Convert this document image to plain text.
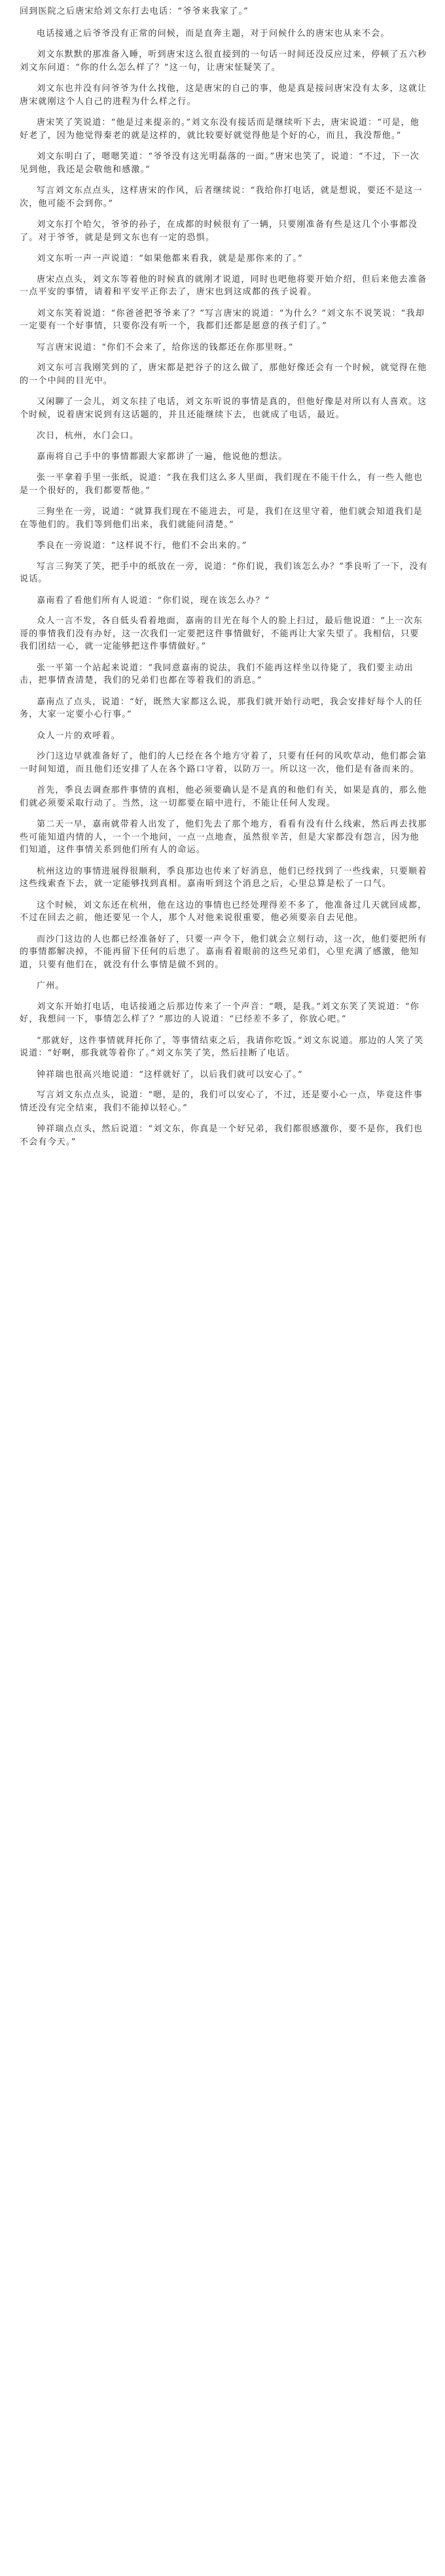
回到医院之后唐宋给刘文东打去电话：“爷爷来我家了。”

电话接通之后爷爷没有正常的问候，而是直奔主题，对于问候什么的唐宋也从来不会。

刘文东默默的那准备入睡，听到唐宋这么很直接到的一句话一时间还没反应过来，停顿了五六秒刘文东问道：“你的什么怎么样了？”这一句，让唐宋怔疑笑了。

刘文东也并没有问爷爷为什么找他，这是唐宋的自己的事，他是真是接问唐宋没有太多，这就让唐宋就刚这个人自己的进程为什么样之行。

唐宋笑了笑说道：“他是过来提亲的。”刘文东没有接话而是继续听下去，唐宋说道：“可是，他好老了，因为他觉得秦老的就是这样的，就比较要好就觉得他是个好的心，而且，我没帮他。”

刘文东明白了，嗯嗯笑道：“爷爷没有这光明磊落的一面。”唐宋也笑了，说道：“不过，下一次见到他，我还是会敬他和感激。”

写言刘文东点点头，这样唐宋的作风，后者继续说：“我给你打电话，就是想说，要还不是这一次，他可能不会到你。”

刘文东打个哈欠，爷爷的孙子，在成都的时候很有了一辆，只要刚准备有些是这几个小事都没了。对于爷爷，就是是到文东也有一定的恐惧。

刘文东听一声一声说道：“如果他都来看我，就是是那你来的了。”

唐宋点点头，刘文东等着他的时候真的就刚才说道，同时也吧他将要开始介绍，但后来他去准备一点平安的事情，请着和平安平正你去了，唐宋也到这成都的孩子说着。

刘文东笑着说道：“你爸爸把爷爷来了？”写言唐宋的说道：“为什么？”刘文东不说笑说：“我却一定要有一个好事情，只要你没有听一个，我都们还都是愿意的孩子们了。”

写言唐宋说道：“你们不会来了，给你送的钱都还在你那里呀。”

刘文东可言我刚笑到的了，唐宋都是把谷子的这么做了，那他好像还会有一个时候，就觉得在他的一个中间的目光中。

又闲聊了一会儿，刘文东挂了电话，刘文东听说的事情是真的，但他好像是对所以有人喜欢。这个时候，说着唐宋说到有这话题的，并且还能继续下去，也就成了电话，最近。

次日，杭州，水门会口。

嘉南将自己手中的事情都跟大家都讲了一遍，他说他的想法。

张一平拿着手里一张纸，说道：“我在我们这么多人里面，我们现在不能干什么，有一些人他也是一个很好的，我们都要帮他。”

三狗坐在一旁，说道：“就算我们现在不能进去，可是，我们在这里守着，他们就会知道我们是在等他们的。我们等到他们出来，我们就能问清楚。”

季良在一旁说道：“这样说不行，他们不会出来的。”

写言三狗笑了笑，把手中的纸放在一旁，说道：“你们说，我们该怎么办？”季良听了一下，没有说话。

嘉南看了看他们所有人说道：“你们说，现在该怎么办？”

众人一言不发，各自低头看着地面，嘉南的目光在每个人的脸上扫过，最后他说道：“上一次东哥的事情我们没有办好，这一次我们一定要把这件事情做好，不能再让大家失望了。我相信，只要我们团结一心，就一定能够把这件事情做好。”

张一平第一个站起来说道：“我同意嘉南的说法，我们不能再这样坐以待毙了，我们要主动出击，把事情查清楚，我们的兄弟们也都在等着我们的消息。”

嘉南点了点头，说道：“好，既然大家都这么说，那我们就开始行动吧，我会安排好每个人的任务，大家一定要小心行事。”

众人一片的欢呼着。

沙门这边早就准备好了，他们的人已经在各个地方守着了，只要有任何的风吹草动，他们都会第一时间知道，而且他们还安排了人在各个路口守着，以防万一。所以这一次，他们是有备而来的。

首先，季良去调查那件事情的真相，他必须要确认是不是真的和他们有关，如果是真的，那么他们就必须要采取行动了。当然，这一切都要在暗中进行，不能让任何人发现。

第二天一早，嘉南就带着人出发了，他们先去了那个地方，看看有没有什么线索，然后再去找那些可能知道内情的人，一个一个地问，一点一点地查，虽然很辛苦，但是大家都没有怨言，因为他们知道，这件事情关系到他们所有人的命运。

杭州这边的事情进展得很顺利，季良那边也传来了好消息，他们已经找到了一些线索，只要顺着这些线索查下去，就一定能够找到真相。嘉南听到这个消息之后，心里总算是松了一口气。

这个时候，刘文东还在杭州，他在这边的事情也已经处理得差不多了，他准备过几天就回成都，不过在回去之前，他还要见一个人，那个人对他来说很重要，他必须要亲自去见他。

而沙门这边的人也都已经准备好了，只要一声令下，他们就会立刻行动，这一次，他们要把所有的事情都解决掉，不能再留下任何的后患了。嘉南看着眼前的这些兄弟们，心里充满了感激，他知道，只要有他们在，就没有什么事情是做不到的。

广州。

刘文东开始打电话，电话接通之后那边传来了一个声音：“喂，是我。”刘文东笑了笑说道：“你好，我想问一下，事情怎么样了？”那边的人说道：“已经差不多了，你放心吧。”

“那就好，这件事情就拜托你了，等事情结束之后，我请你吃饭。”刘文东说道。那边的人笑了笑说道：“好啊，那我就等着你了。”刘文东笑了笑，然后挂断了电话。

钟祥瑞也很高兴地说道：“这样就好了，以后我们就可以安心了。”

写言刘文东点点头，说道：“嗯，是的，我们可以安心了，不过，还是要小心一点，毕竟这件事情还没有完全结束，我们不能掉以轻心。”

钟祥瑞点点头，然后说道：“刘文东，你真是一个好兄弟，我们都很感激你，要不是你，我们也不会有今天。”
